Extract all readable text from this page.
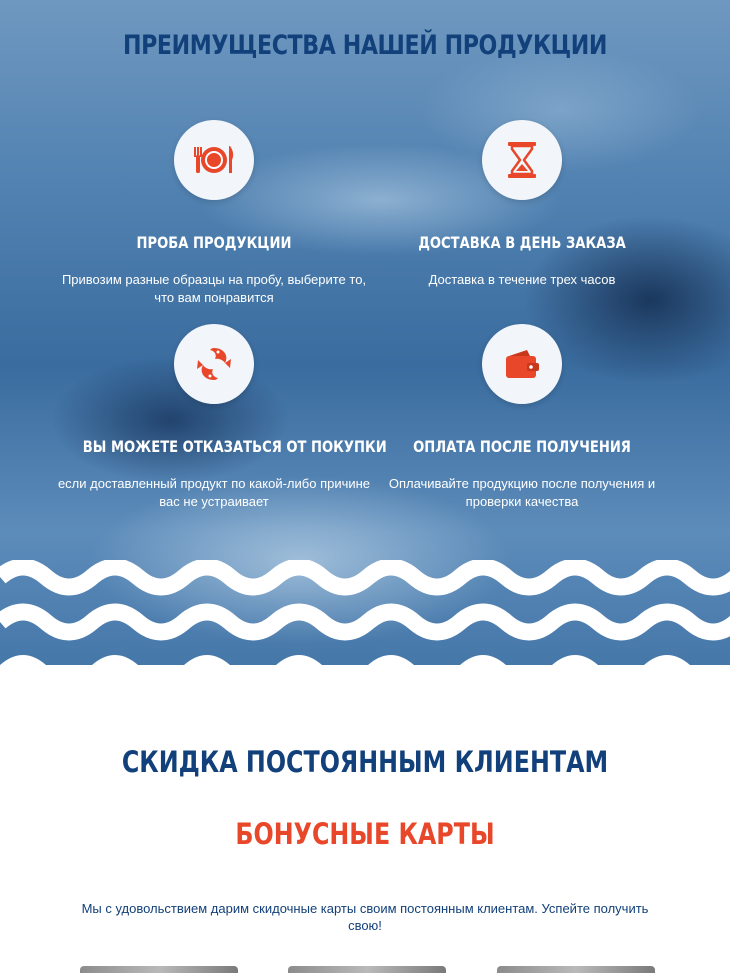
ПРЕИМУЩЕСТВА НАШЕЙ ПРОДУКЦИИ
ПРОБА ПРОДУКЦИИ
Привозим разные образцы на пробу, выберите то, что вам понравится
ДОСТАВКА В ДЕНЬ ЗАКАЗА
Доставка в течение трех часов
ВЫ МОЖЕТЕ ОТКАЗАТЬСЯ ОТ ПОКУПКИ
если доставленный продукт по какой-либо причине вас не устраивает
ОПЛАТА ПОСЛЕ ПОЛУЧЕНИЯ
Оплачивайте продукцию после получения и проверки качества
СКИДКА ПОСТОЯННЫМ КЛИЕНТАМ
БОНУСНЫЕ КАРТЫ
Мы с удовольствием дарим скидочные карты своим постоянным клиентам. Успейте получить свою!
